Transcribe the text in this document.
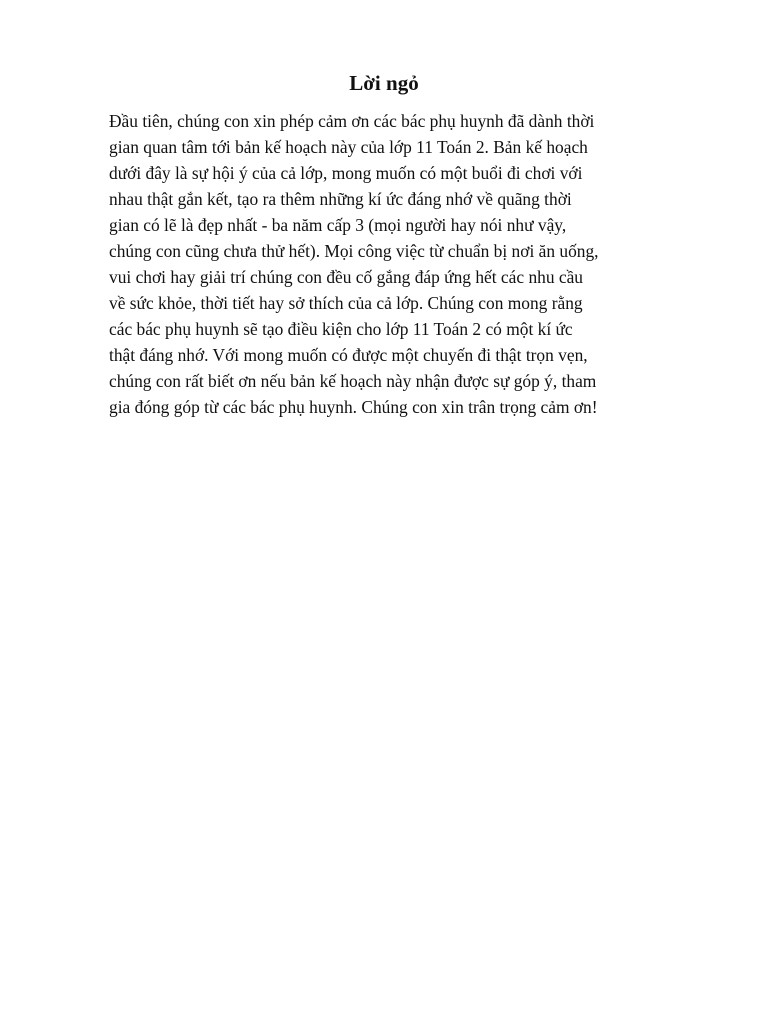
Lời ngỏ

Đầu tiên, chúng con xin phép cảm ơn các bác phụ huynh đã dành thời
gian quan tâm tới bản kế hoạch này của lớp 11 Toán 2. Bản kế hoạch
dưới đây là sự hội ý của cả lớp, mong muốn có một buổi đi chơi với
nhau thật gắn kết, tạo ra thêm những kí ức đáng nhớ về quãng thời
gian có lẽ là đẹp nhất - ba năm cấp 3 (mọi người hay nói như vậy,
chúng con cũng chưa thử hết). Mọi công việc từ chuẩn bị nơi ăn uống,
vui chơi hay giải trí chúng con đều cố gắng đáp ứng hết các nhu cầu
về sức khỏe, thời tiết hay sở thích của cả lớp. Chúng con mong rằng
các bác phụ huynh sẽ tạo điều kiện cho lớp 11 Toán 2 có một kí ức
thật đáng nhớ. Với mong muốn có được một chuyến đi thật trọn vẹn,
chúng con rất biết ơn nếu bản kế hoạch này nhận được sự góp ý, tham
gia đóng góp từ các bác phụ huynh. Chúng con xin trân trọng cảm ơn!
